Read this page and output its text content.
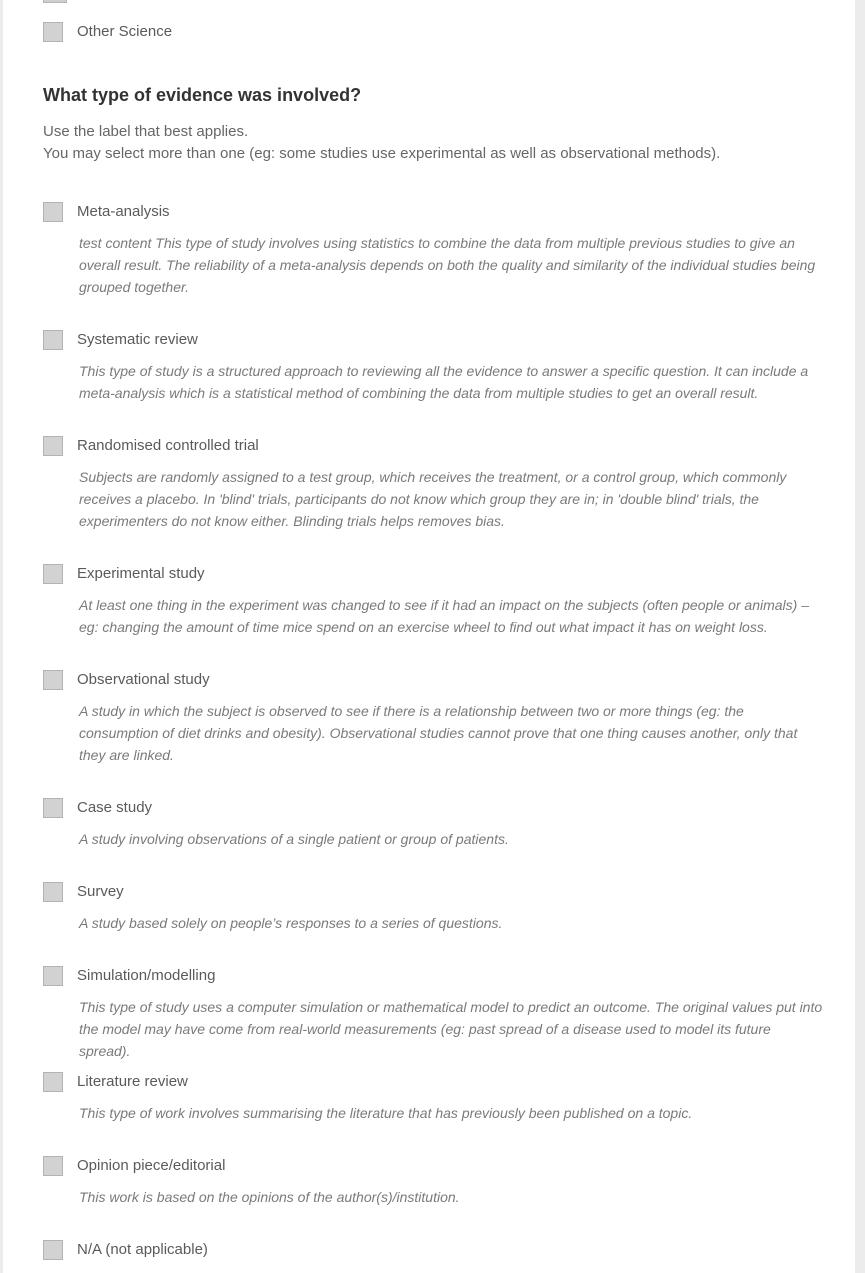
Other Science
What type of evidence was involved?
Use the label that best applies.
You may select more than one (eg: some studies use experimental as well as observational methods).
Meta-analysis
test content This type of study involves using statistics to combine the data from multiple previous studies to give an overall result. The reliability of a meta-analysis depends on both the quality and similarity of the individual studies being grouped together.
Systematic review
This type of study is a structured approach to reviewing all the evidence to answer a specific question. It can include a meta-analysis which is a statistical method of combining the data from multiple studies to get an overall result.
Randomised controlled trial
Subjects are randomly assigned to a test group, which receives the treatment, or a control group, which commonly receives a placebo. In 'blind' trials, participants do not know which group they are in; in 'double blind' trials, the experimenters do not know either. Blinding trials helps removes bias.
Experimental study
At least one thing in the experiment was changed to see if it had an impact on the subjects (often people or animals) – eg: changing the amount of time mice spend on an exercise wheel to find out what impact it has on weight loss.
Observational study
A study in which the subject is observed to see if there is a relationship between two or more things (eg: the consumption of diet drinks and obesity). Observational studies cannot prove that one thing causes another, only that they are linked.
Case study
A study involving observations of a single patient or group of patients.
Survey
A study based solely on people’s responses to a series of questions.
Simulation/modelling
This type of study uses a computer simulation or mathematical model to predict an outcome. The original values put into the model may have come from real-world measurements (eg: past spread of a disease used to model its future spread).
Literature review
This type of work involves summarising the literature that has previously been published on a topic.
Opinion piece/editorial
This work is based on the opinions of the author(s)/institution.
N/A (not applicable)
